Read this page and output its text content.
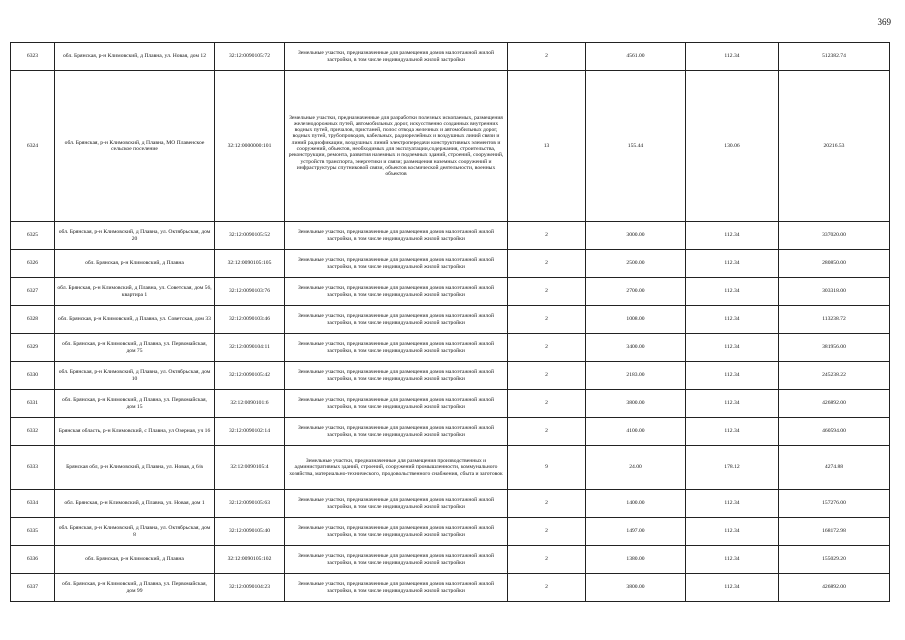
369
6323	обл. Брянская, р-н Климовский, д Плавна, ул. Новая, дом 12	32:12:0090105:72	Земельные участки, предназначенные для размещения домов малоэтажной жилой застройки, в том числе индивидуальной жилой застройки	2	4561.00	112.34	512382.74
6324	обл. Брянская, р-н Климовский, д Плавна, МО Плавенское сельское поселение	32:12:0000000:101	Земельные участки, предназначенные для разработки полезных ископаемых, размещения железнодорожных путей, автомобильных дорог, искусственно созданных внутренних водных путей, причалов, пристаней, полос отвода железных и автомобильных дорог, водных путей, трубопроводов, кабельных, радиорелейных и воздушных линий связи и линий радиофикации, воздушных линий электропередачи конструктивных элементов и сооружений, объектов, необходимых для эксплуатации,содержания, строительства, реконструкции, ремонта, развития наземных и подземных зданий, строений, сооружений, устройств транспорта, энергетики и связи; размещения наземных сооружений и инфраструктуры спутниковой связи, объектов космической деятельности, военных объектов	13	155.44	130.06	20216.53
6325	обл. Брянская, р-н Климовский, д Плавна, ул. Октябрьская, дом 20	32:12:0090105:52	Земельные участки, предназначенные для размещения домов малоэтажной жилой застройки, в том числе индивидуальной жилой застройки	2	3000.00	112.34	337020.00
6326	обл. Брянская, р-н Климовский, д Плавна	32:12:0090105:105	Земельные участки, предназначенные для размещения домов малоэтажной жилой застройки, в том числе индивидуальной жилой застройки	2	2500.00	112.34	280850.00
6327	обл. Брянская, р-н Климовский, д Плавна, ул. Советская, дом 56, квартира 1	32:12:0090103:76	Земельные участки, предназначенные для размещения домов малоэтажной жилой застройки, в том числе индивидуальной жилой застройки	2	2700.00	112.34	303318.00
6328	обл. Брянская, р-н Климовский, д Плавна, ул. Советская, дом 33	32:12:0090103:46	Земельные участки, предназначенные для размещения домов малоэтажной жилой застройки, в том числе индивидуальной жилой застройки	2	1008.00	112.34	113238.72
6329	обл. Брянская, р-н Климовский, д Плавна, ул. Первомайская, дом 75	32:12:0090104:11	Земельные участки, предназначенные для размещения домов малоэтажной жилой застройки, в том числе индивидуальной жилой застройки	2	3400.00	112.34	381956.00
6330	обл. Брянская, р-н Климовский, д Плавна, ул. Октябрьская, дом 10	32:12:0090105:42	Земельные участки, предназначенные для размещения домов малоэтажной жилой застройки, в том числе индивидуальной жилой застройки	2	2183.00	112.34	245238.22
6331	обл. Брянская, р-н Климовский, д Плавна, ул. Первомайская, дом 15	32:12:0090101:6	Земельные участки, предназначенные для размещения домов малоэтажной жилой застройки, в том числе индивидуальной жилой застройки	2	3800.00	112.34	426892.00
6332	Брянская область, р-н Климовский, с Плавна, ул Озерная, уч 16	32:12:0090102:14	Земельные участки, предназначенные для размещения домов малоэтажной жилой застройки, в том числе индивидуальной жилой застройки	2	4100.00	112.34	460594.00
6333	Брянская обл, р-н Климовский, д Плавна, ул. Новая, д 6/в	32:12:0090105:4	Земельные участки, предназначенные для размещения производственных и административных зданий, строений, сооружений промышленности, коммунального хозяйства, материально-технического, продовольственного снабжения, сбыта и заготовок	9	24.00	178.12	4274.88
6334	обл. Брянская, р-н Климовский, д Плавна, ул. Новая, дом 1	32:12:0090105:63	Земельные участки, предназначенные для размещения домов малоэтажной жилой застройки, в том числе индивидуальной жилой застройки	2	1400.00	112.34	157276.00
6335	обл. Брянская, р-н Климовский, д Плавна, ул. Октябрьская, дом 8	32:12:0090105:40	Земельные участки, предназначенные для размещения домов малоэтажной жилой застройки, в том числе индивидуальной жилой застройки	2	1497.00	112.34	168172.98
6336	обл. Брянская, р-н Климовский, д Плавна	32:12:0090105:102	Земельные участки, предназначенные для размещения домов малоэтажной жилой застройки, в том числе индивидуальной жилой застройки	2	1380.00	112.34	155029.20
6337	обл. Брянская, р-н Климовский, д Плавна, ул. Первомайская, дом 99	32:12:0090104:23	Земельные участки, предназначенные для размещения домов малоэтажной жилой застройки, в том числе индивидуальной жилой застройки	2	3800.00	112.34	426892.00
